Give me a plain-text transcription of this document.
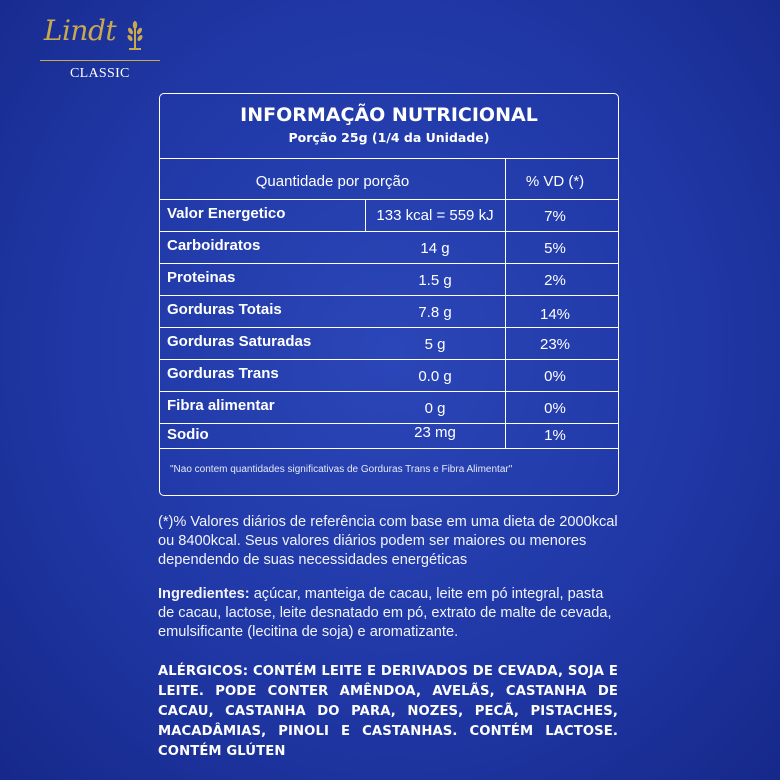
Lindt
CLASSIC
INFORMAÇÃO NUTRICIONAL
Porção 25g (1/4 da Unidade)
Quantidade por porção	% VD (*)
Valor Energetico	133 kcal = 559 kJ	7%
Carboidratos	14 g	5%
Proteinas	1.5 g	2%
Gorduras Totais	7.8 g	14%
Gorduras Saturadas	5 g	23%
Gorduras Trans	0.0 g	0%
Fibra alimentar	0 g	0%
Sodio	23 mg	1%
"Nao contem quantidades significativas de Gorduras Trans e Fibra Alimentar"
(*)% Valores diários de referência com base em uma dieta de 2000kcal ou 8400kcal. Seus valores diários podem ser maiores ou menores dependendo de suas necessidades energéticas
Ingredientes: açúcar, manteiga de cacau, leite em pó integral, pasta de cacau, lactose, leite desnatado em pó, extrato de malte de cevada, emulsificante (lecitina de soja) e aromatizante.
ALÉRGICOS: CONTÉM LEITE E DERIVADOS DE CEVADA, SOJA E LEITE. PODE CONTER AMÊNDOA, AVELÃS, CASTANHA DE CACAU, CASTANHA DO PARA, NOZES, PECÃ, PISTACHES, MACADÂMIAS, PINOLI E CASTANHAS. CONTÉM LACTOSE. CONTÉM GLÚTEN
